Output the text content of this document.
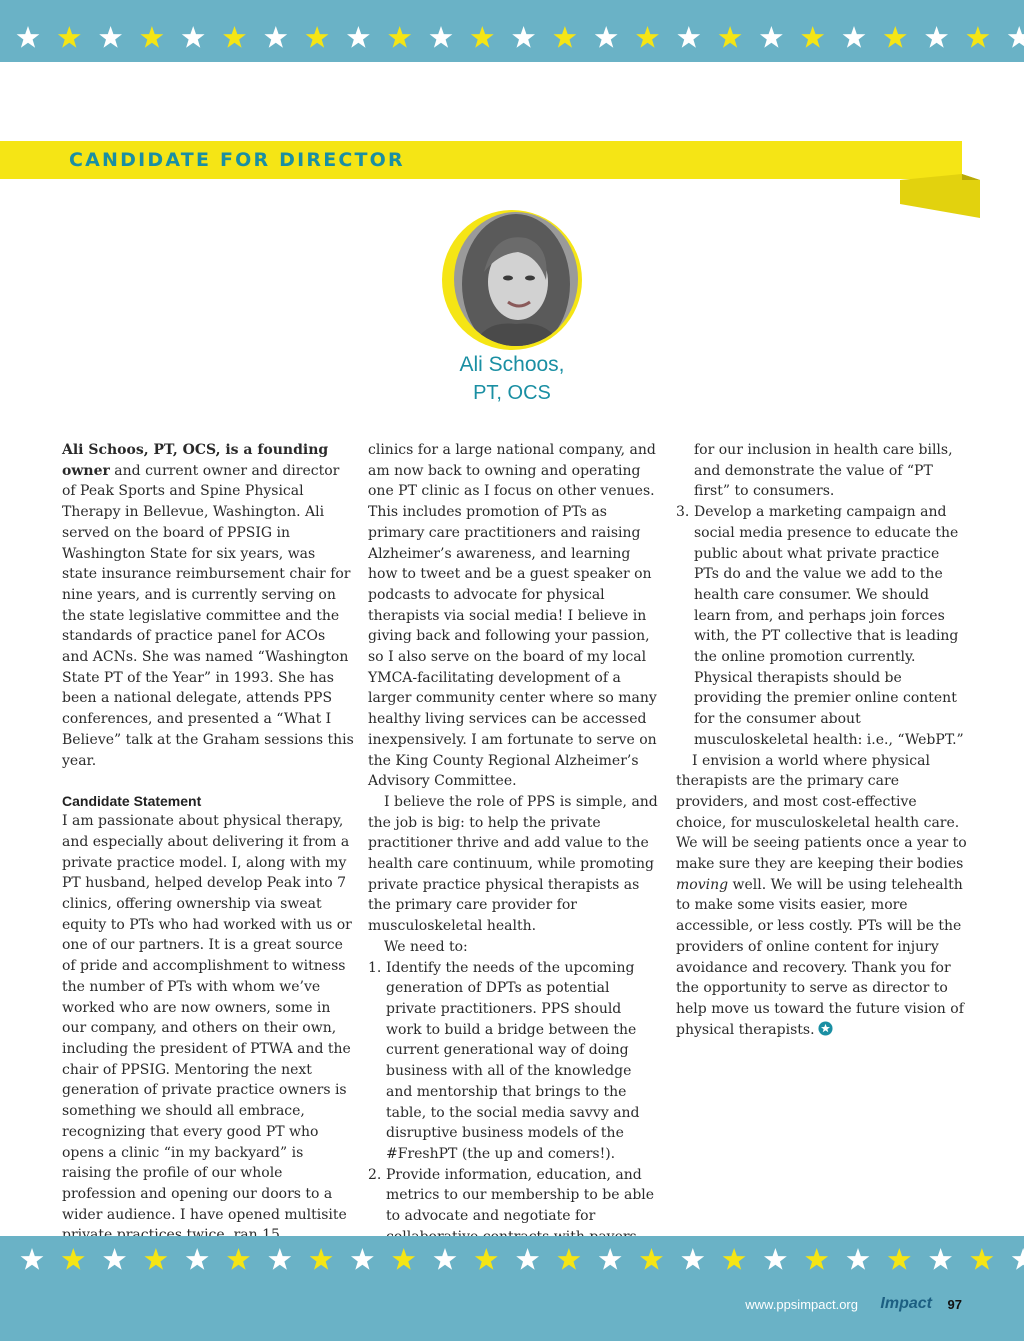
CANDIDATE FOR DIRECTOR

Ali Schoos,

PT, OCS

Ali Schoos, PT, OCS, is a founding owner and current owner and director of Peak Sports and Spine Physical Therapy in Bellevue, Washington. Ali served on the board of PPSIG in Washington State for six years, was state insurance reimbursement chair for nine years, and is currently serving on the state legislative committee and the standards of practice panel for ACOs and ACNs. She was named “Washington State PT of the Year” in 1993. She has been a national delegate, attends PPS conferences, and presented a “What I Believe” talk at the Graham sessions this year.

Candidate Statement

I am passionate about physical therapy, and especially about delivering it from a private practice model. I, along with my PT husband, helped develop Peak into 7 clinics, offering ownership via sweat equity to PTs who had worked with us or one of our partners. It is a great source of pride and accomplishment to witness the number of PTs with whom we’ve worked who are now owners, some in our company, and others on their own, including the president of PTWA and the chair of PPSIG. Mentoring the next generation of private practice owners is something we should all embrace, recognizing that every good PT who opens a clinic “in my backyard” is raising the profile of our whole profession and opening our doors to a wider audience. I have opened multisite

clinics for a large national company, and am now back to owning and operating one PT clinic as I focus on other venues. This includes promotion of PTs as primary care practitioners and raising Alzheimer’s awareness, and learning how to tweet and be a guest speaker on podcasts to advocate for physical therapists via social media! I believe in giving back and following your passion, so I also serve on the board of my local YMCA-facilitating development of a larger community center where so many healthy living services can be accessed inexpensively. I am fortunate to serve on the King County Regional Alzheimer’s Advisory Committee.

I believe the role of PPS is simple, and the job is big: to help the private practitioner thrive and add value to the health care continuum, while promoting private practice physical therapists as the primary care provider for musculoskeletal health.

We need to:

1. Identify the needs of the upcoming generation of DPTs as potential private practitioners. PPS should work to build a bridge between the current generational way of doing business with all of the knowledge and mentorship that brings to the table, to the social media savvy and disruptive business models of the #FreshPT (the up and comers!).
2. Provide information, education, and metrics to our membership to be able to advocate and negotiate for
for our inclusion in health care bills, and demonstrate the value of “PT first” to consumers.
3. Develop a marketing campaign and social media presence to educate the public about what private practice PTs do and the value we add to the health care consumer. We should learn from, and perhaps join forces with, the PT collective that is leading the online promotion currently. Physical therapists should be providing the premier online content for the consumer about musculoskeletal health: i.e., “WebPT.”

I envision a world where physical therapists are the primary care providers, and most cost-effective choice, for musculoskeletal health care. We will be seeing patients once a year to make sure they are keeping their bodies moving well. We will be using telehealth to make some visits easier, more accessible, or less costly. PTs will be the providers of online content for injury avoidance and recovery. Thank you for the opportunity to serve as director to help move us toward the future vision of physical therapists.

www.ppsimpact.org Impact 97
